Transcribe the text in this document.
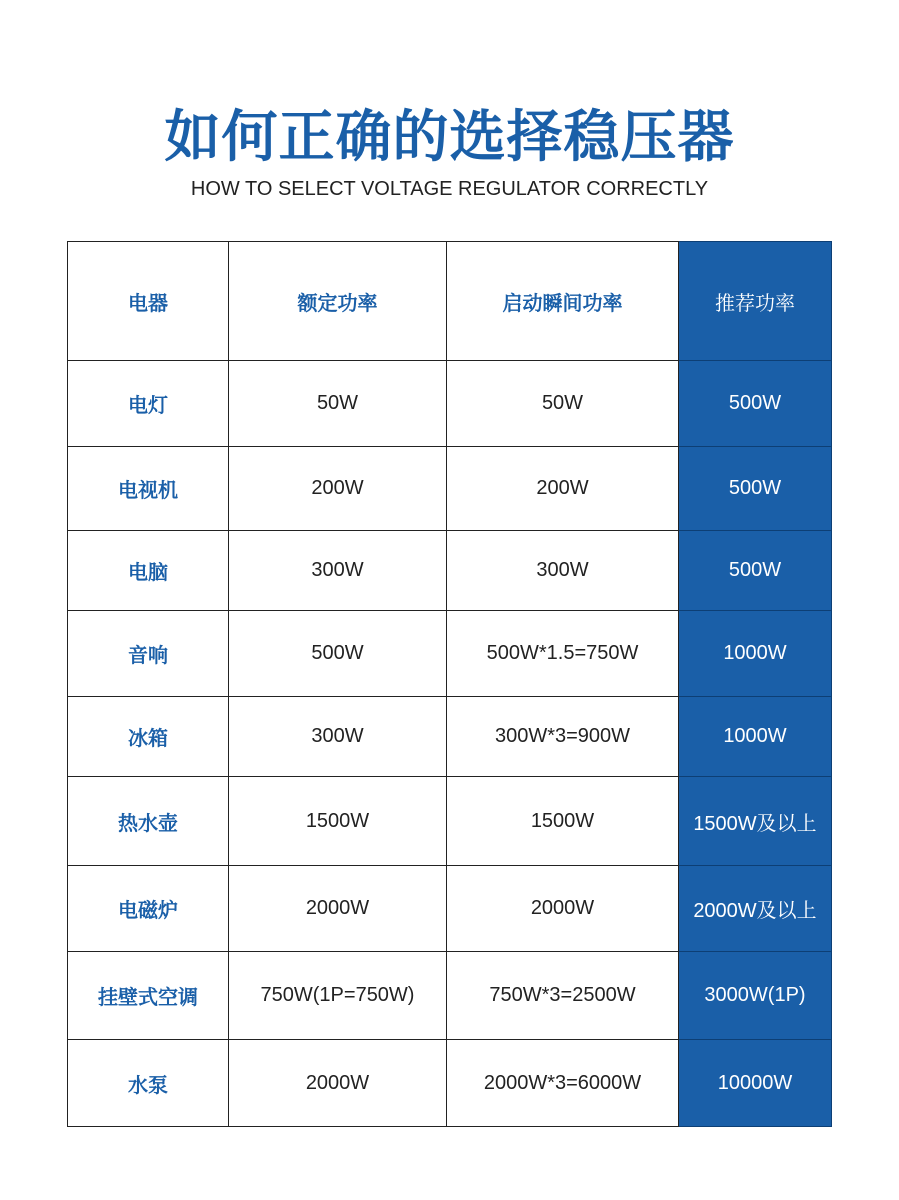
如何正确的选择稳压器
HOW TO SELECT VOLTAGE REGULATOR CORRECTLY
电器	额定功率	启动瞬间功率	推荐功率
电灯	50W	50W	500W
电视机	200W	200W	500W
电脑	300W	300W	500W
音响	500W	500W*1.5=750W	1000W
冰箱	300W	300W*3=900W	1000W
热水壶	1500W	1500W	1500W及以上
电磁炉	2000W	2000W	2000W及以上
挂壁式空调	750W(1P=750W)	750W*3=2500W	3000W(1P)
水泵	2000W	2000W*3=6000W	10000W
